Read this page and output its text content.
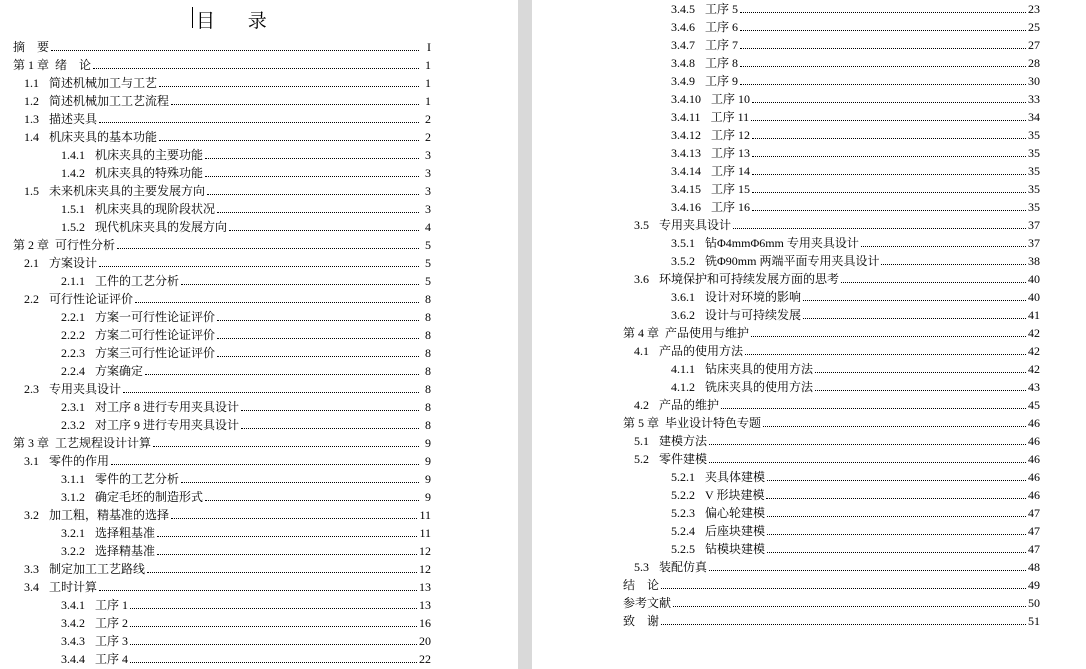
目 录
摘　要	I
第 1 章 绪　论	1
1.1 简述机械加工与工艺	1
1.2 简述机械加工工艺流程	1
1.3 描述夹具	2
1.4 机床夹具的基本功能	2
1.4.1 机床夹具的主要功能	3
1.4.2 机床夹具的特殊功能	3
1.5 未来机床夹具的主要发展方向	3
1.5.1 机床夹具的现阶段状况	3
1.5.2 现代机床夹具的发展方向	4
第 2 章 可行性分析	5
2.1 方案设计	5
2.1.1 工件的工艺分析	5
2.2 可行性论证评价	8
2.2.1 方案一可行性论证评价	8
2.2.2 方案二可行性论证评价	8
2.2.3 方案三可行性论证评价	8
2.2.4 方案确定	8
2.3 专用夹具设计	8
2.3.1 对工序 8 进行专用夹具设计	8
2.3.2 对工序 9 进行专用夹具设计	8
第 3 章 工艺规程设计计算	9
3.1 零件的作用	9
3.1.1 零件的工艺分析	9
3.1.2 确定毛坯的制造形式	9
3.2 加工粗，精基准的选择	11
3.2.1 选择粗基准	11
3.2.2 选择精基准	12
3.3 制定加工工艺路线	12
3.4 工时计算	13
3.4.1 工序 1	13
3.4.2 工序 2	16
3.4.3 工序 3	20
3.4.4 工序 4	22
3.4.5 工序 5	23
3.4.6 工序 6	25
3.4.7 工序 7	27
3.4.8 工序 8	28
3.4.9 工序 9	30
3.4.10 工序 10	33
3.4.11 工序 11	34
3.4.12 工序 12	35
3.4.13 工序 13	35
3.4.14 工序 14	35
3.4.15 工序 15	35
3.4.16 工序 16	35
3.5 专用夹具设计	37
3.5.1 钻Φ4mmΦ6mm 专用夹具设计	37
3.5.2 铣Φ90mm 两端平面专用夹具设计	38
3.6 环境保护和可持续发展方面的思考	40
3.6.1 设计对环境的影响	40
3.6.2 设计与可持续发展	41
第 4 章 产品使用与维护	42
4.1 产品的使用方法	42
4.1.1 钻床夹具的使用方法	42
4.1.2 铣床夹具的使用方法	43
4.2 产品的维护	45
第 5 章 毕业设计特色专题	46
5.1 建模方法	46
5.2 零件建模	46
5.2.1 夹具体建模	46
5.2.2 V 形块建模	46
5.2.3 偏心轮建模	47
5.2.4 后座块建模	47
5.2.5 钻模块建模	47
5.3 装配仿真	48
结　论	49
参考文献	50
致　谢	51
